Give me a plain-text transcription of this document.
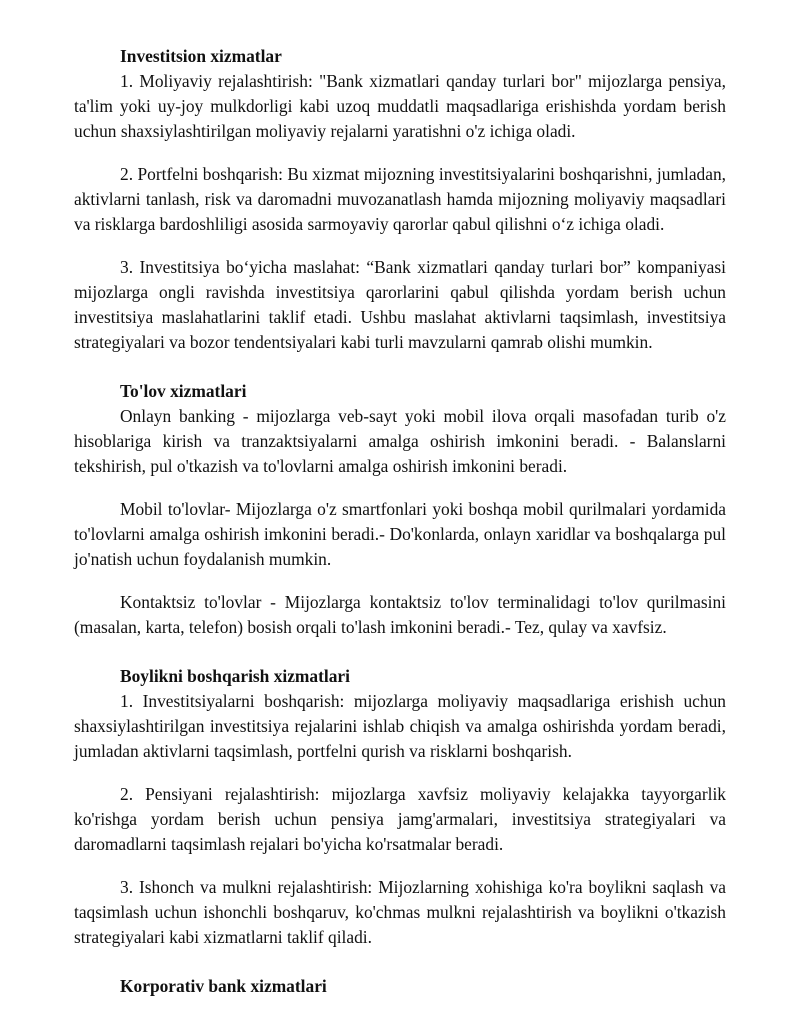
Investitsion xizmatlar

1. Moliyaviy rejalashtirish: "Bank xizmatlari qanday turlari bor" mijozlarga pensiya, ta'lim yoki uy-joy mulkdorligi kabi uzoq muddatli maqsadlariga erishishda yordam berish uchun shaxsiylashtirilgan moliyaviy rejalarni yaratishni o'z ichiga oladi.

2. Portfelni boshqarish: Bu xizmat mijozning investitsiyalarini boshqarishni, jumladan, aktivlarni tanlash, risk va daromadni muvozanatlash hamda mijozning moliyaviy maqsadlari va risklarga bardoshliligi asosida sarmoyaviy qarorlar qabul qilishni o‘z ichiga oladi.

3. Investitsiya bo‘yicha maslahat: “Bank xizmatlari qanday turlari bor” kompaniyasi mijozlarga ongli ravishda investitsiya qarorlarini qabul qilishda yordam berish uchun investitsiya maslahatlarini taklif etadi. Ushbu maslahat aktivlarni taqsimlash, investitsiya strategiyalari va bozor tendentsiyalari kabi turli mavzularni qamrab olishi mumkin.

To'lov xizmatlari

Onlayn banking - mijozlarga veb-sayt yoki mobil ilova orqali masofadan turib o'z hisoblariga kirish va tranzaktsiyalarni amalga oshirish imkonini beradi. - Balanslarni tekshirish, pul o'tkazish va to'lovlarni amalga oshirish imkonini beradi.

Mobil to'lovlar- Mijozlarga o'z smartfonlari yoki boshqa mobil qurilmalari yordamida to'lovlarni amalga oshirish imkonini beradi.- Do'konlarda, onlayn xaridlar va boshqalarga pul jo'natish uchun foydalanish mumkin.

Kontaktsiz to'lovlar - Mijozlarga kontaktsiz to'lov terminalidagi to'lov qurilmasini (masalan, karta, telefon) bosish orqali to'lash imkonini beradi.- Tez, qulay va xavfsiz.

Boylikni boshqarish xizmatlari

1. Investitsiyalarni boshqarish: mijozlarga moliyaviy maqsadlariga erishish uchun shaxsiylashtirilgan investitsiya rejalarini ishlab chiqish va amalga oshirishda yordam beradi, jumladan aktivlarni taqsimlash, portfelni qurish va risklarni boshqarish.

2. Pensiyani rejalashtirish: mijozlarga xavfsiz moliyaviy kelajakka tayyorgarlik ko'rishga yordam berish uchun pensiya jamg'armalari, investitsiya strategiyalari va daromadlarni taqsimlash rejalari bo'yicha ko'rsatmalar beradi.

3. Ishonch va mulkni rejalashtirish: Mijozlarning xohishiga ko'ra boylikni saqlash va taqsimlash uchun ishonchli boshqaruv, ko'chmas mulkni rejalashtirish va boylikni o'tkazish strategiyalari kabi xizmatlarni taklif qiladi.

Korporativ bank xizmatlari
